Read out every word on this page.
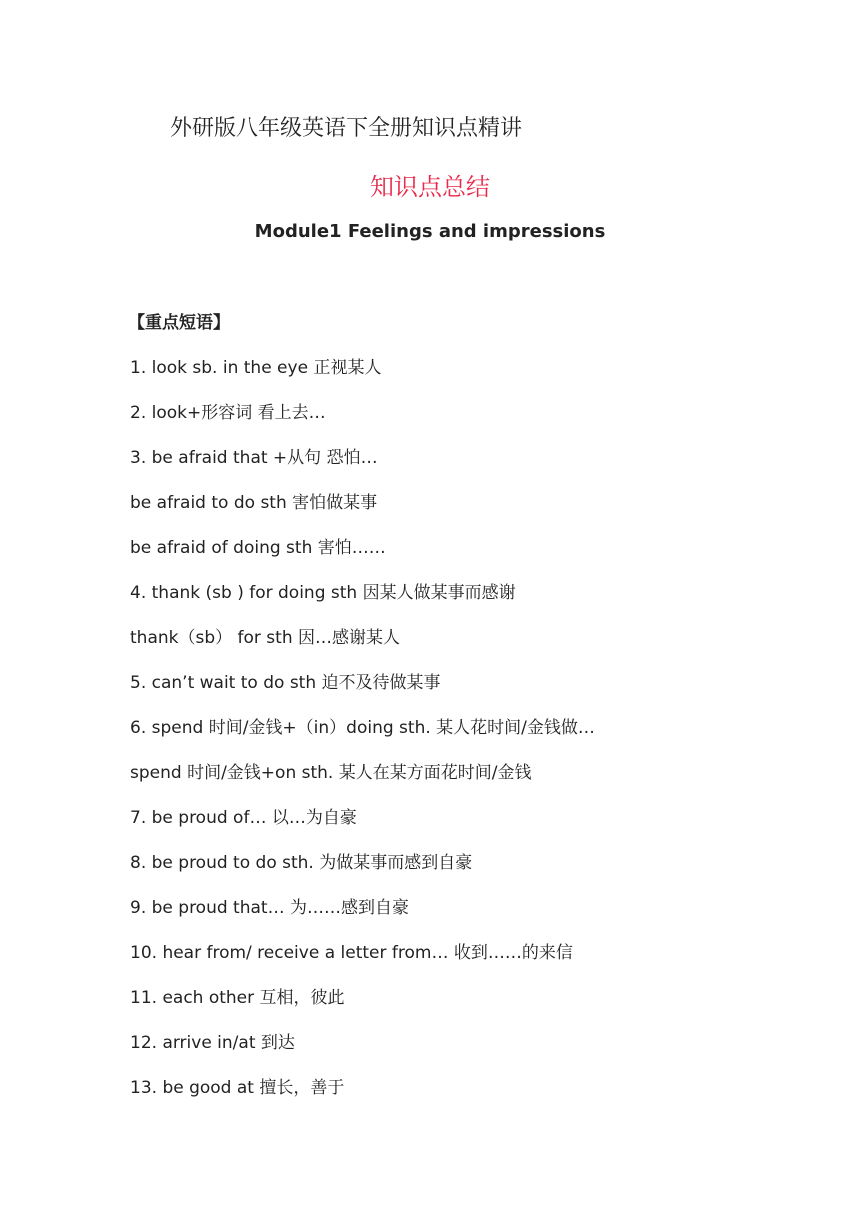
外研版八年级英语下全册知识点精讲
知识点总结
Module1 Feelings and impressions
【重点短语】
1. look sb. in the eye 正视某人
2. look+形容词 看上去…
3. be afraid that +从句 恐怕…
be afraid to do sth 害怕做某事
be afraid of doing sth 害怕……
4. thank (sb ) for doing sth 因某人做某事而感谢
thank（sb） for sth 因…感谢某人
5. can’t wait to do sth 迫不及待做某事
6. spend 时间/金钱+（in）doing sth. 某人花时间/金钱做…
spend 时间/金钱+on sth. 某人在某方面花时间/金钱
7. be proud of… 以…为自豪
8. be proud to do sth. 为做某事而感到自豪
9. be proud that… 为……感到自豪
10. hear from/ receive a letter from… 收到……的来信
11. each other 互相，彼此
12. arrive in/at 到达
13. be good at 擅长，善于
